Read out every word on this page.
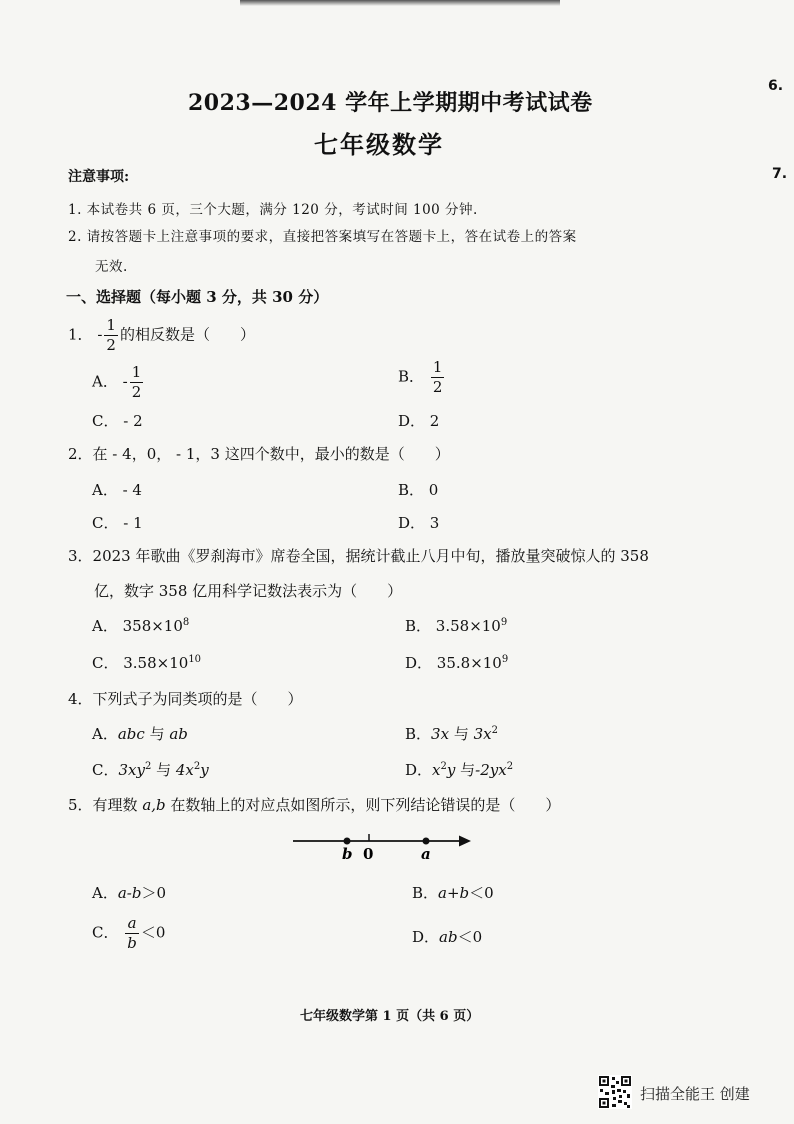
6.
7.
2023—2024 学年上学期期中考试试卷
七年级数学
注意事项:
1. 本试卷共 6 页，三个大题，满分 120 分，考试时间 100 分钟.
2. 请按答题卡上注意事项的要求，直接把答案填写在答题卡上，答在试卷上的答案
无效.
一、选择题（每小题 3 分，共 30 分）
1． - $\frac{1}{2}$ 的相反数是（　　）
A． - $\frac{1}{2}$	B． $\frac{1}{2}$
C． - 2	D． 2
2．在 - 4，0， - 1，3 这四个数中，最小的数是（　　）
A． - 4	B． 0
C． - 1	D． 3
3．2023 年歌曲《罗刹海市》席卷全国，据统计截止八月中旬，播放量突破惊人的 358
亿，数字 358 亿用科学记数法表示为（　　）
A． $358\times 10^8$	B． $3.58\times 10^9$
C． $3.58\times 10^{10}$	D． $35.8\times 10^9$
4．下列式子为同类项的是（　　）
A．abc 与 ab	B．3x 与 $3x^2$
C．$3xy^2$ 与 $4x^2y$	D．$x^2y$ 与$-2yx^2$
5．有理数 a,b 在数轴上的对应点如图所示，则下列结论错误的是（　　）
b 0	a
A．a-b＞0	B．a+b＜0
C． $\frac{a}{b} <0$	D．ab＜0
七年级数学第 1 页（共 6 页）
扫描全能王 创建
